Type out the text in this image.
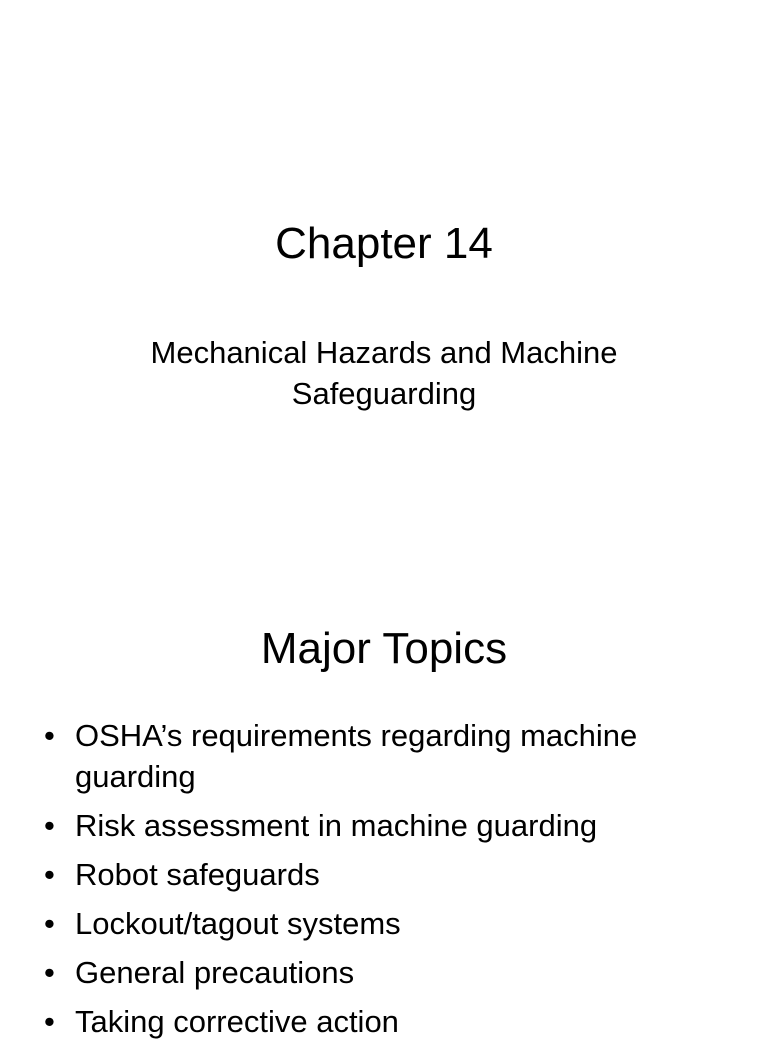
Chapter 14
Mechanical Hazards and Machine Safeguarding
Major Topics
• OSHA’s requirements regarding machine guarding
• Risk assessment in machine guarding
• Robot safeguards
• Lockout/tagout systems
• General precautions
• Taking corrective action
